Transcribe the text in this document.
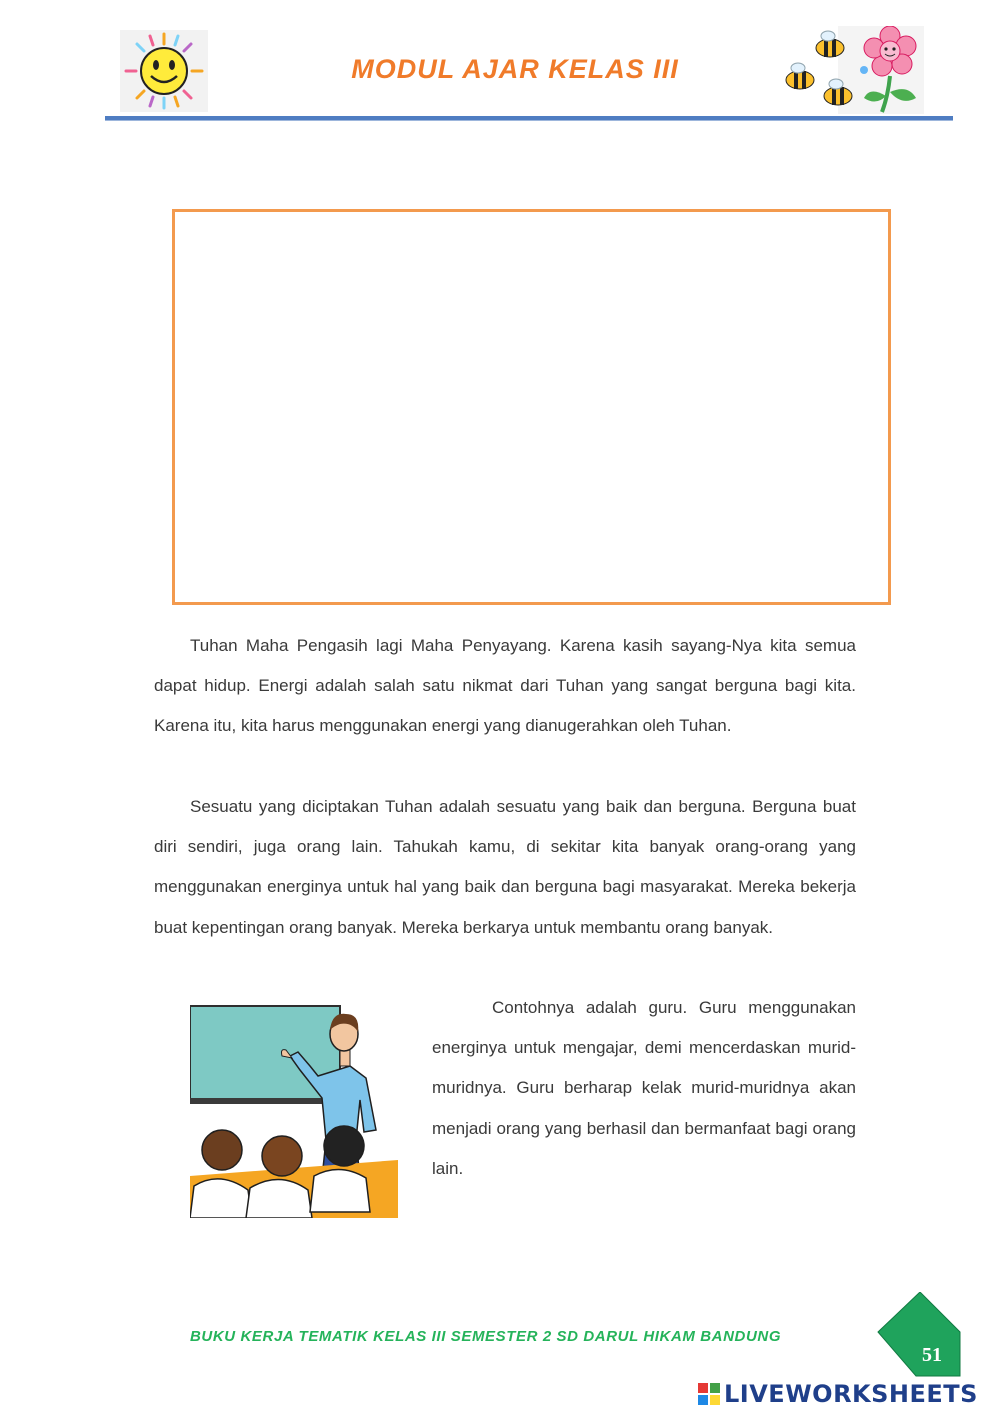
MODUL AJAR KELAS III

Tuhan Maha Pengasih lagi Maha Penyayang. Karena kasih sayang-Nya kita semua dapat hidup. Energi adalah salah satu nikmat dari Tuhan yang sangat berguna bagi kita. Karena itu, kita harus menggunakan energi yang dianugerahkan oleh Tuhan.

Sesuatu yang diciptakan Tuhan adalah sesuatu yang baik dan berguna. Berguna buat diri sendiri, juga orang lain. Tahukah kamu, di sekitar kita banyak orang-orang yang menggunakan energinya untuk hal yang baik dan berguna bagi masyarakat. Mereka bekerja buat kepentingan orang banyak. Mereka berkarya untuk membantu orang banyak.

Contohnya adalah guru. Guru menggunakan energinya untuk mengajar, demi mencerdaskan murid-muridnya. Guru berharap kelak murid-muridnya akan menjadi orang yang berhasil dan bermanfaat bagi orang lain.

BUKU KERJA TEMATIK KELAS III SEMESTER 2 SD DARUL HIKAM BANDUNG
51
LIVEWORKSHEETS
